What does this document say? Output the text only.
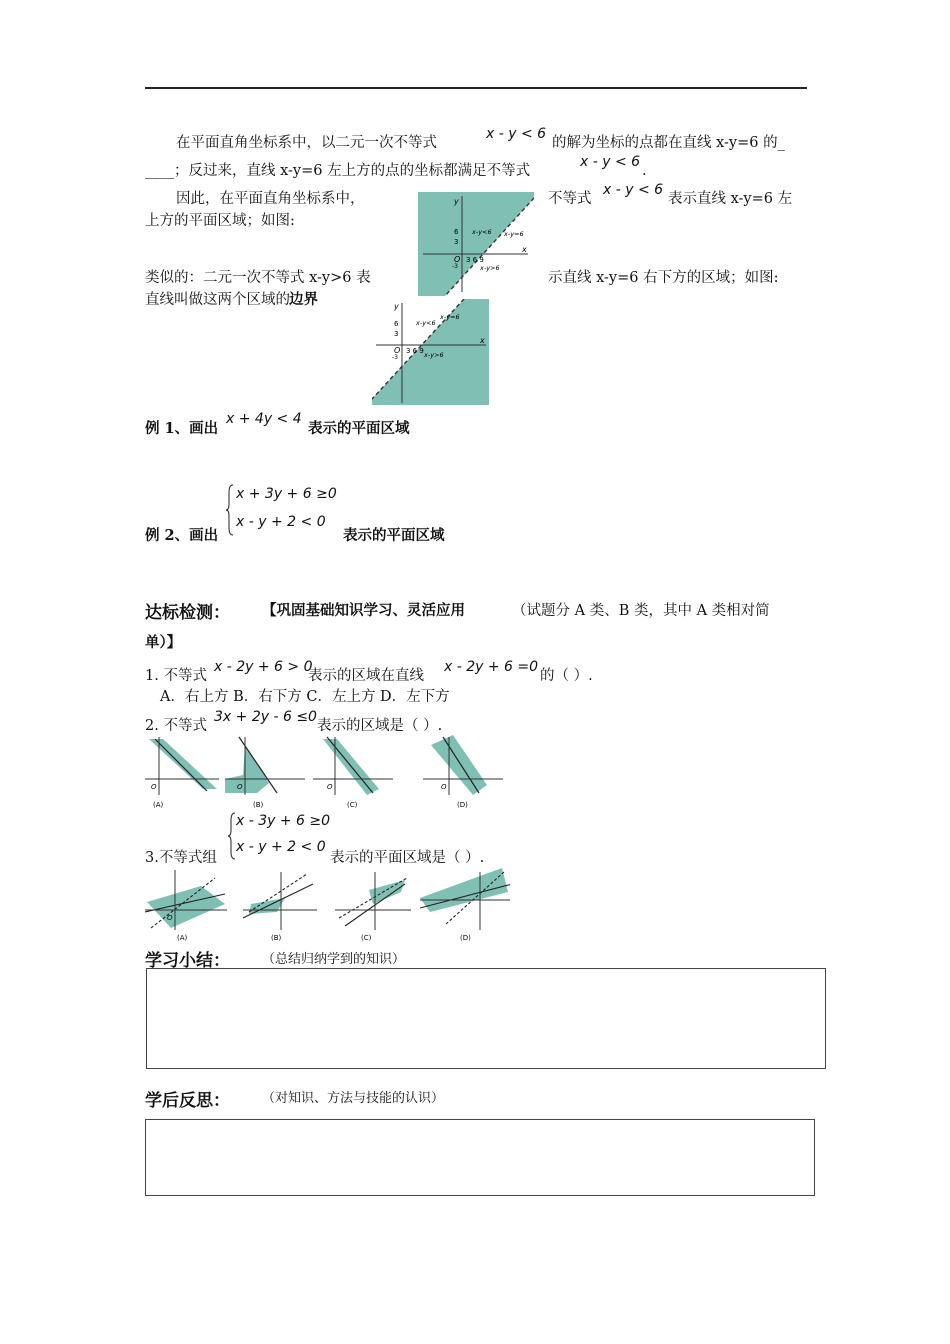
在平面直角坐标系中，以二元一次不等式
x - y < 6
的解为坐标的点都在直线 x-y=6 的_
____；反过来，直线 x-y=6 左上方的点的坐标都满足不等式
x - y < 6
.
因此，在平面直角坐标系中，	不等式
x - y < 6
表示直线 x-y=6 左
上方的平面区域；如图:
类似的：二元一次不等式 x-y>6 表	示直线 x-y=6 右下方的区域；如图:
直线叫做这两个区域的 边界
y
x
O
6
3
-3
3 6 9
x-y<6 x-y=6
x-y>6
y
x
O
6
3
-3
3 6 9
x-y<6
x-y=6
x-y>6
例 1、画出
x + 4y < 4
表示的平面区域
x + 3y + 6 ≥0
x - y + 2 < 0
例 2、画出	表示的平面区域
达标检测： 【巩固基础知识学习、灵活应用	（试题分 A 类、B 类，其中 A 类相对简
单）】
1. 不等式
x - 2y + 6 > 0
表示的区域在直线
x - 2y + 6 =0
的（ ）.
A．右上方 B．右下方 C．左上方 D．左下方
2. 不等式
3x + 2y - 6 ≤0
表示的区域是（ ）.
O
(A)
O
(B)
O
(C)
O
(D)
x - 3y + 6 ≥0
x - y + 2 < 0
3.不等式组	表示的平面区域是（ ）.
O
(A)	(B)	(C)	(D)
学习小结： （总结归纳学到的知识）
学后反思： （对知识、方法与技能的认识）
